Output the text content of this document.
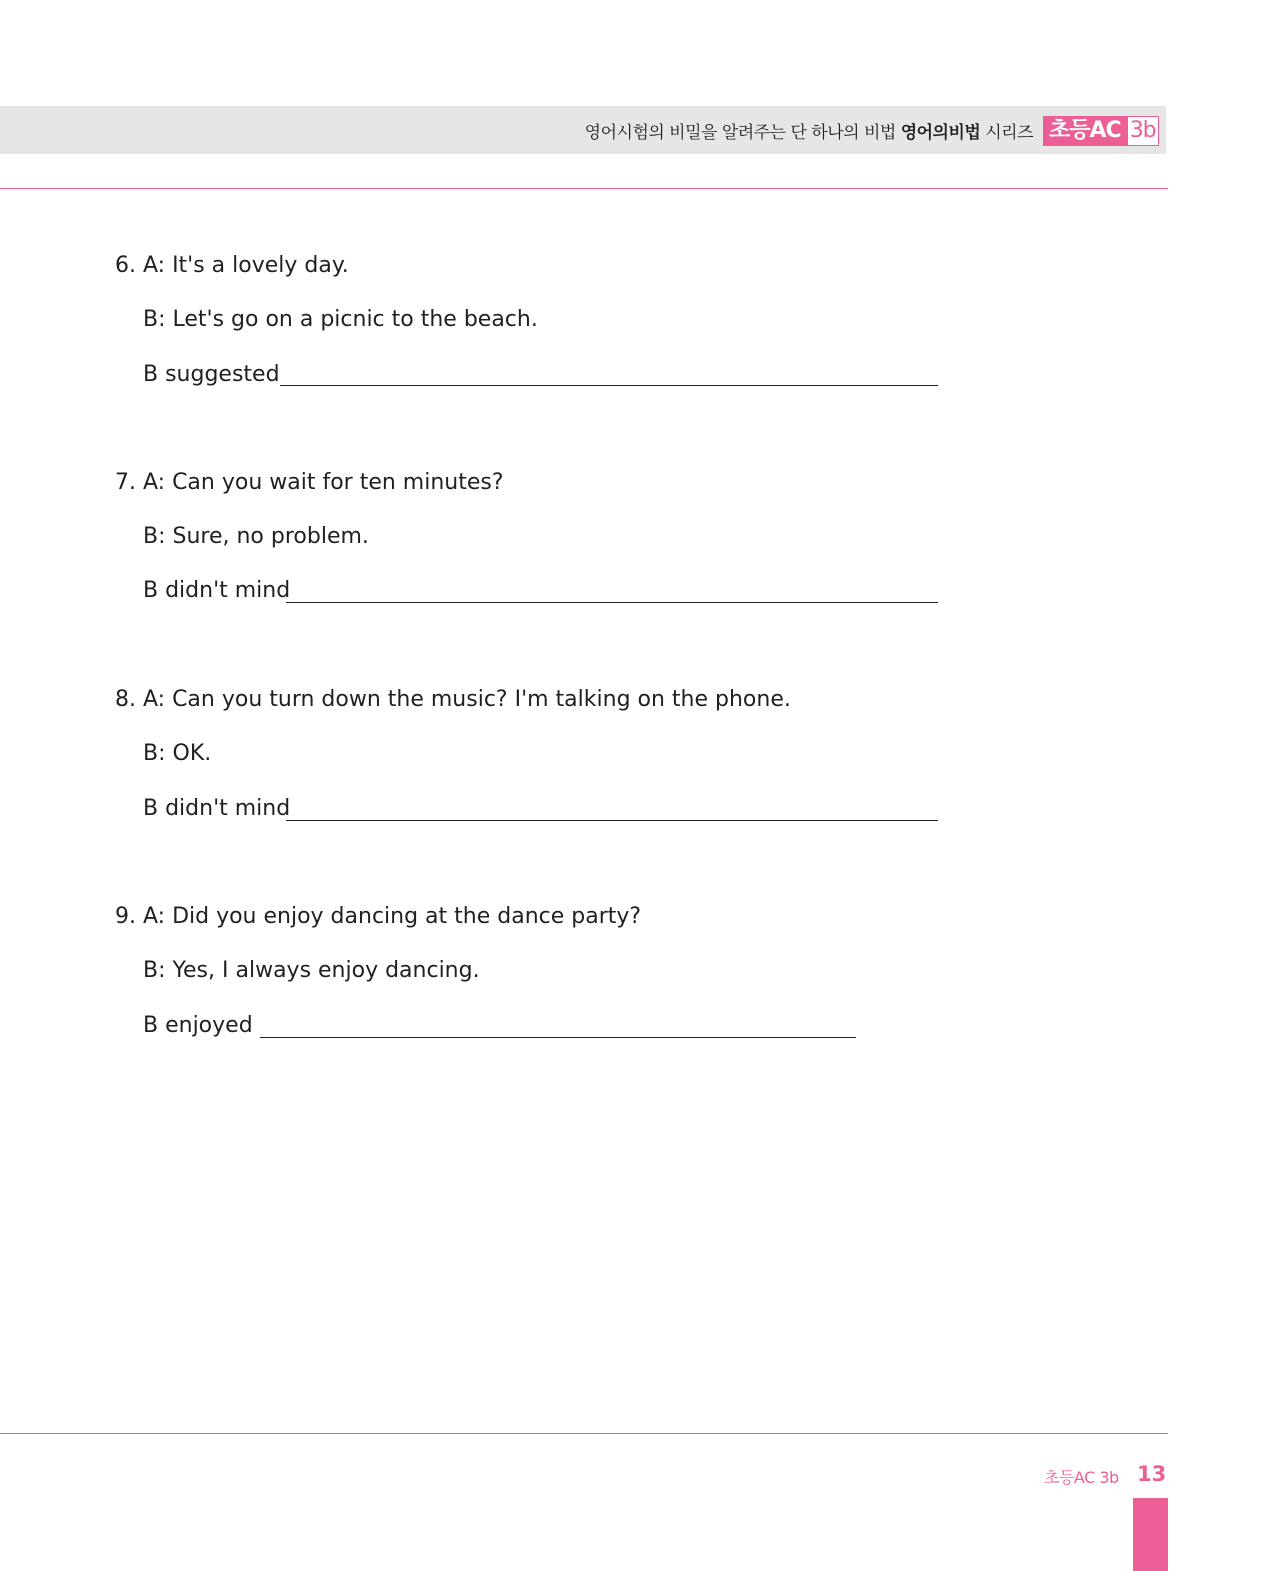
영어시험의 비밀을 알려주는 단 하나의 비법 영어의비법 시리즈 초등AC 3b
6. A: It's a lovely day.
B: Let's go on a picnic to the beach.
B suggested
7. A: Can you wait for ten minutes?
B: Sure, no problem.
B didn't mind
8. A: Can you turn down the music? I'm talking on the phone.
B: OK.
B didn't mind
9. A: Did you enjoy dancing at the dance party?
B: Yes, I always enjoy dancing.
B enjoyed
초등AC 3b 13
